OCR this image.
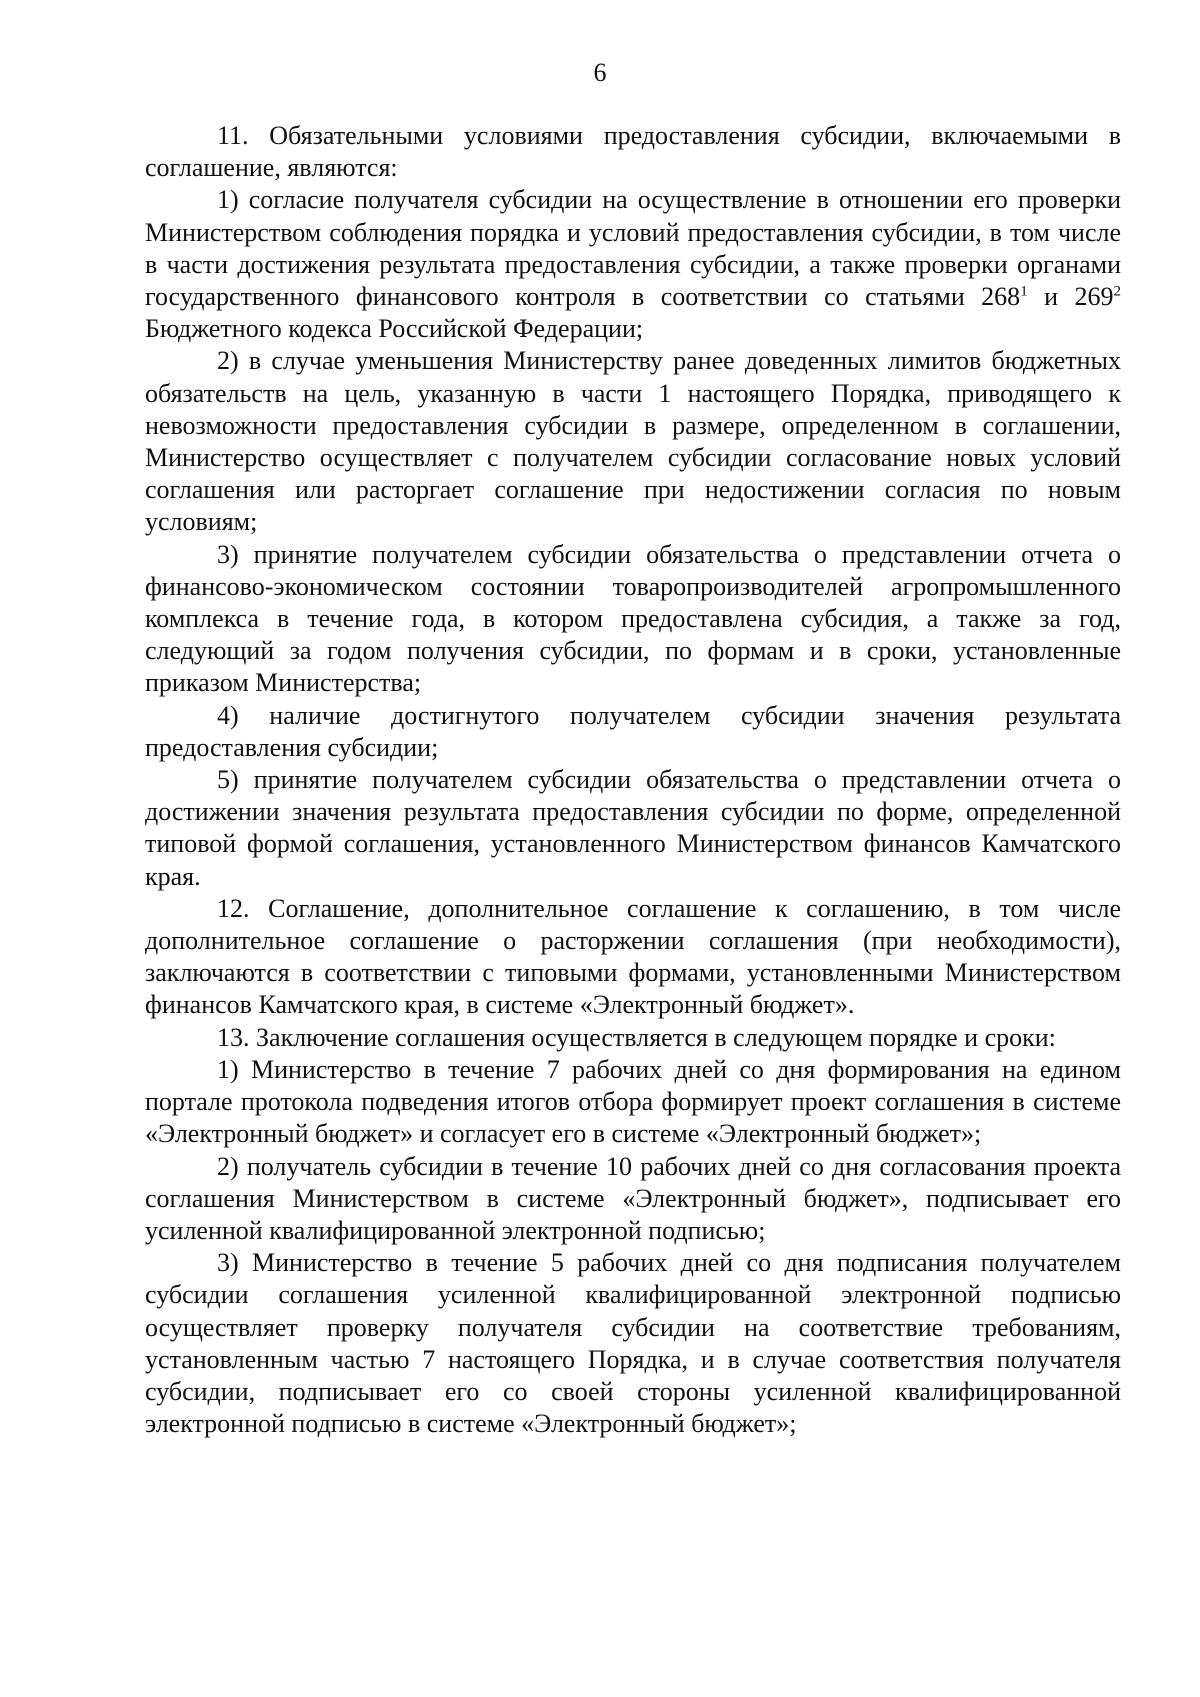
6

11. Обязательными условиями предоставления субсидии, включаемыми в соглашение, являются:

1) согласие получателя субсидии на осуществление в отношении его проверки Министерством соблюдения порядка и условий предоставления субсидии, в том числе в части достижения результата предоставления субсидии, а также проверки органами государственного финансового контроля в соответствии со статьями $268^1$ и $269^2$ Бюджетного кодекса Российской Федерации;

2) в случае уменьшения Министерству ранее доведенных лимитов бюджетных обязательств на цель, указанную в части 1 настоящего Порядка, приводящего к невозможности предоставления субсидии в размере, определенном в соглашении, Министерство осуществляет с получателем субсидии согласование новых условий соглашения или расторгает соглашение при недостижении согласия по новым условиям;

3) принятие получателем субсидии обязательства о представлении отчета о финансово-экономическом состоянии товаропроизводителей агропромышленного комплекса в течение года, в котором предоставлена субсидия, а также за год, следующий за годом получения субсидии, по формам и в сроки, установленные приказом Министерства;

4) наличие достигнутого получателем субсидии значения результата предоставления субсидии;

5) принятие получателем субсидии обязательства о представлении отчета о достижении значения результата предоставления субсидии по форме, определенной типовой формой соглашения, установленного Министерством финансов Камчатского края.

12. Соглашение, дополнительное соглашение к соглашению, в том числе дополнительное соглашение о расторжении соглашения (при необходимости), заключаются в соответствии с типовыми формами, установленными Министерством финансов Камчатского края, в системе «Электронный бюджет».

13. Заключение соглашения осуществляется в следующем порядке и сроки:

1) Министерство в течение 7 рабочих дней со дня формирования на едином портале протокола подведения итогов отбора формирует проект соглашения в системе «Электронный бюджет» и согласует его в системе «Электронный бюджет»;

2) получатель субсидии в течение 10 рабочих дней со дня согласования проекта соглашения Министерством в системе «Электронный бюджет», подписывает его усиленной квалифицированной электронной подписью;

3) Министерство в течение 5 рабочих дней со дня подписания получателем субсидии соглашения усиленной квалифицированной электронной подписью осуществляет проверку получателя субсидии на соответствие требованиям, установленным частью 7 настоящего Порядка, и в случае соответствия получателя субсидии, подписывает его со своей стороны усиленной квалифицированной электронной подписью в системе «Электронный бюджет»;
